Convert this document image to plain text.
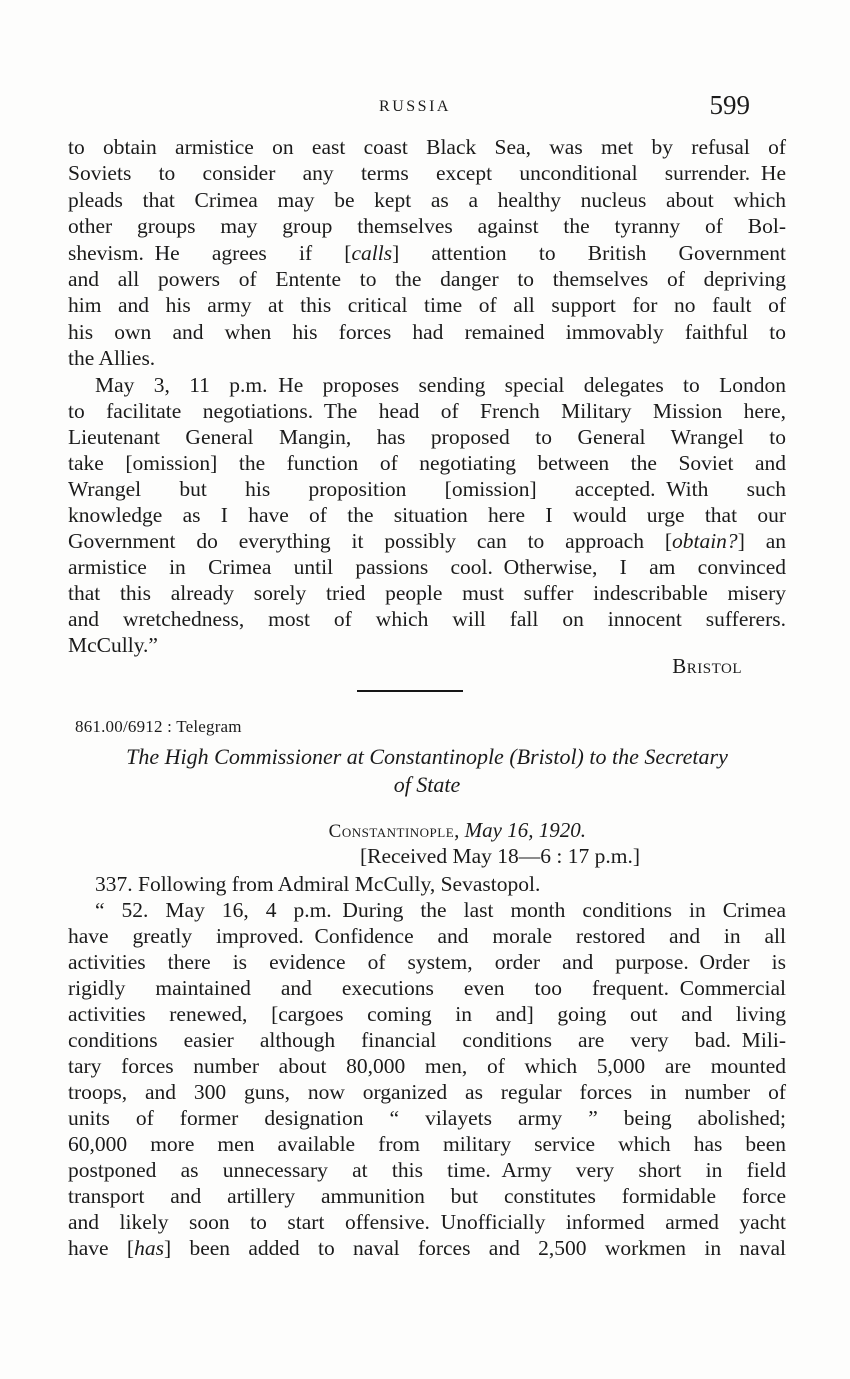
RUSSIA	599
to obtain armistice on east coast Black Sea, was met by refusal of
Soviets to consider any terms except unconditional surrender. He
pleads that Crimea may be kept as a healthy nucleus about which
other groups may group themselves against the tyranny of Bol-
shevism. He agrees if [calls] attention to British Government
and all powers of Entente to the danger to themselves of depriving
him and his army at this critical time of all support for no fault of
his own and when his forces had remained immovably faithful to
the Allies.
May 3, 11 p.m. He proposes sending special delegates to London
to facilitate negotiations. The head of French Military Mission here,
Lieutenant General Mangin, has proposed to General Wrangel to
take [omission] the function of negotiating between the Soviet and
Wrangel but his proposition [omission] accepted. With such
knowledge as I have of the situation here I would urge that our
Government do everything it possibly can to approach [obtain?] an
armistice in Crimea until passions cool. Otherwise, I am convinced
that this already sorely tried people must suffer indescribable misery
and wretchedness, most of which will fall on innocent sufferers.
McCully.”
Bristol
861.00/6912 : Telegram
The High Commissioner at Constantinople (Bristol) to the Secretary
of State
Constantinople, May 16, 1920.
[Received May 18—6 : 17 p.m.]
337. Following from Admiral McCully, Sevastopol.
“ 52. May 16, 4 p.m. During the last month conditions in Crimea
have greatly improved. Confidence and morale restored and in all
activities there is evidence of system, order and purpose. Order is
rigidly maintained and executions even too frequent. Commercial
activities renewed, [cargoes coming in and] going out and living
conditions easier although financial conditions are very bad. Mili-
tary forces number about 80,000 men, of which 5,000 are mounted
troops, and 300 guns, now organized as regular forces in number of
units of former designation “ vilayets army ” being abolished;
60,000 more men available from military service which has been
postponed as unnecessary at this time. Army very short in field
transport and artillery ammunition but constitutes formidable force
and likely soon to start offensive. Unofficially informed armed yacht
have [has] been added to naval forces and 2,500 workmen in naval
